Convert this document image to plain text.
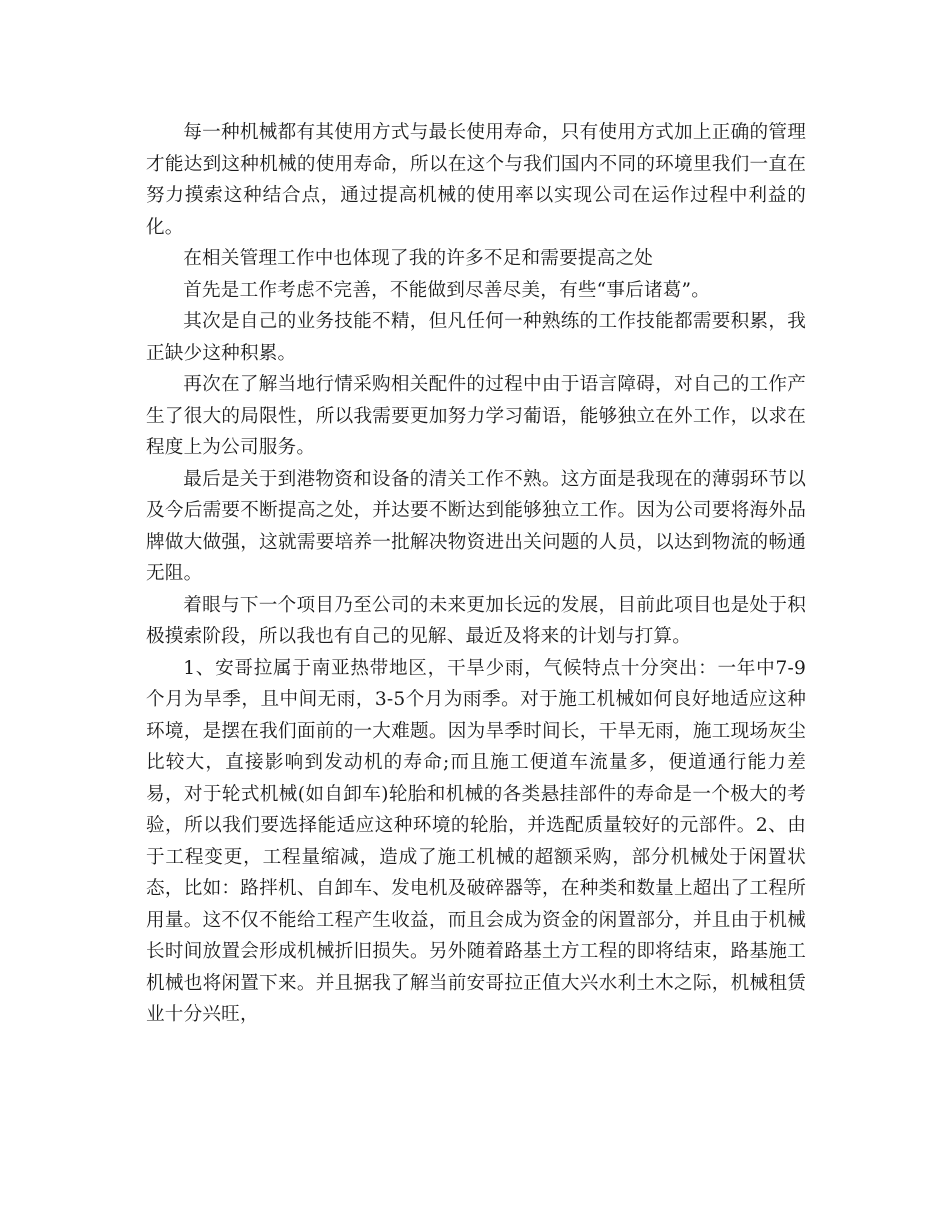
每一种机械都有其使用方式与最长使用寿命，只有使用方式加上正确的管理才能达到这种机械的使用寿命，所以在这个与我们国内不同的环境里我们一直在努力摸索这种结合点，通过提高机械的使用率以实现公司在运作过程中利益的化。

在相关管理工作中也体现了我的许多不足和需要提高之处

首先是工作考虑不完善，不能做到尽善尽美，有些“事后诸葛”。

其次是自己的业务技能不精，但凡任何一种熟练的工作技能都需要积累，我正缺少这种积累。

再次在了解当地行情采购相关配件的过程中由于语言障碍，对自己的工作产生了很大的局限性，所以我需要更加努力学习葡语，能够独立在外工作，以求在程度上为公司服务。

最后是关于到港物资和设备的清关工作不熟。这方面是我现在的薄弱环节以及今后需要不断提高之处，并达要不断达到能够独立工作。因为公司要将海外品牌做大做强，这就需要培养一批解决物资进出关问题的人员，以达到物流的畅通无阻。

着眼与下一个项目乃至公司的未来更加长远的发展，目前此项目也是处于积极摸索阶段，所以我也有自己的见解、最近及将来的计划与打算。

1、安哥拉属于南亚热带地区，干旱少雨，气候特点十分突出：一年中7-9个月为旱季，且中间无雨，3-5个月为雨季。对于施工机械如何良好地适应这种环境，是摆在我们面前的一大难题。因为旱季时间长，干旱无雨，施工现场灰尘比较大，直接影响到发动机的寿命;而且施工便道车流量多，便道通行能力差易，对于轮式机械(如自卸车)轮胎和机械的各类悬挂部件的寿命是一个极大的考验，所以我们要选择能适应这种环境的轮胎，并选配质量较好的元部件。2、由于工程变更，工程量缩减，造成了施工机械的超额采购，部分机械处于闲置状态，比如：路拌机、自卸车、发电机及破碎器等，在种类和数量上超出了工程所用量。这不仅不能给工程产生收益，而且会成为资金的闲置部分，并且由于机械长时间放置会形成机械折旧损失。另外随着路基土方工程的即将结束，路基施工机械也将闲置下来。并且据我了解当前安哥拉正值大兴水利土木之际，机械租赁业十分兴旺，
